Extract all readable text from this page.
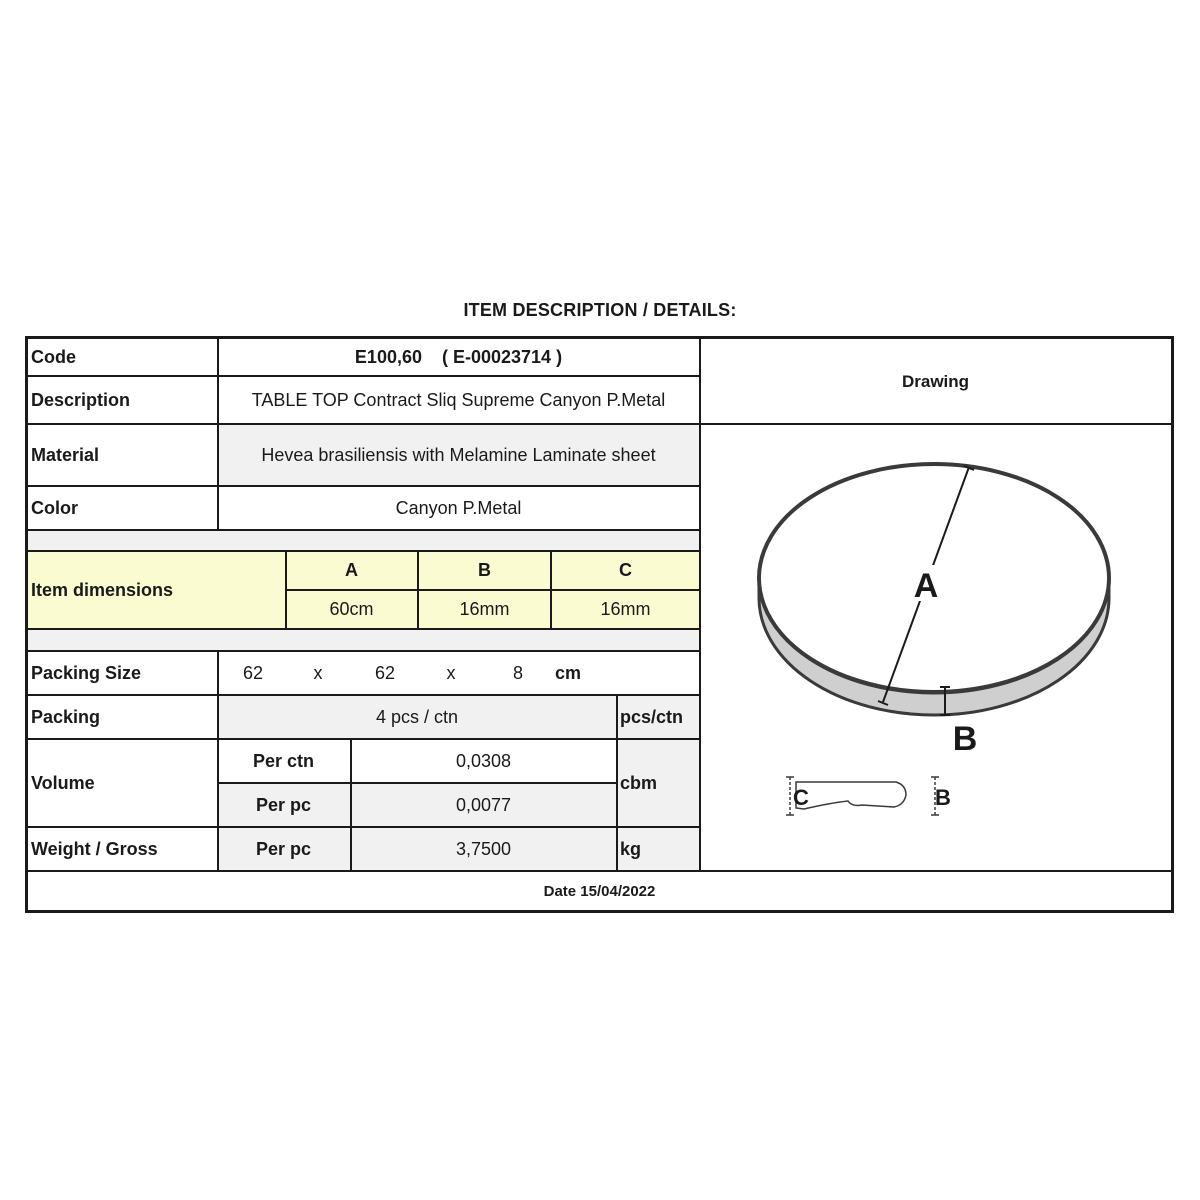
ITEM DESCRIPTION / DETAILS:
Code	E100,60    ( E-00023714 )
Description	TABLE TOP Contract Sliq Supreme Canyon P.Metal
Drawing
Material	Hevea brasiliensis with Melamine Laminate sheet
Color	Canyon P.Metal
Item dimensions
A	B	C
60cm	16mm	16mm
Packing Size	62	x	62	x	8	cm
Packing	4 pcs / ctn	pcs/ctn
Volume
Per ctn	0,0308
Per pc	0,0077
cbm
Weight / Gross	Per pc	3,7500	kg
Date 15/04/2022
A
B
C	B
